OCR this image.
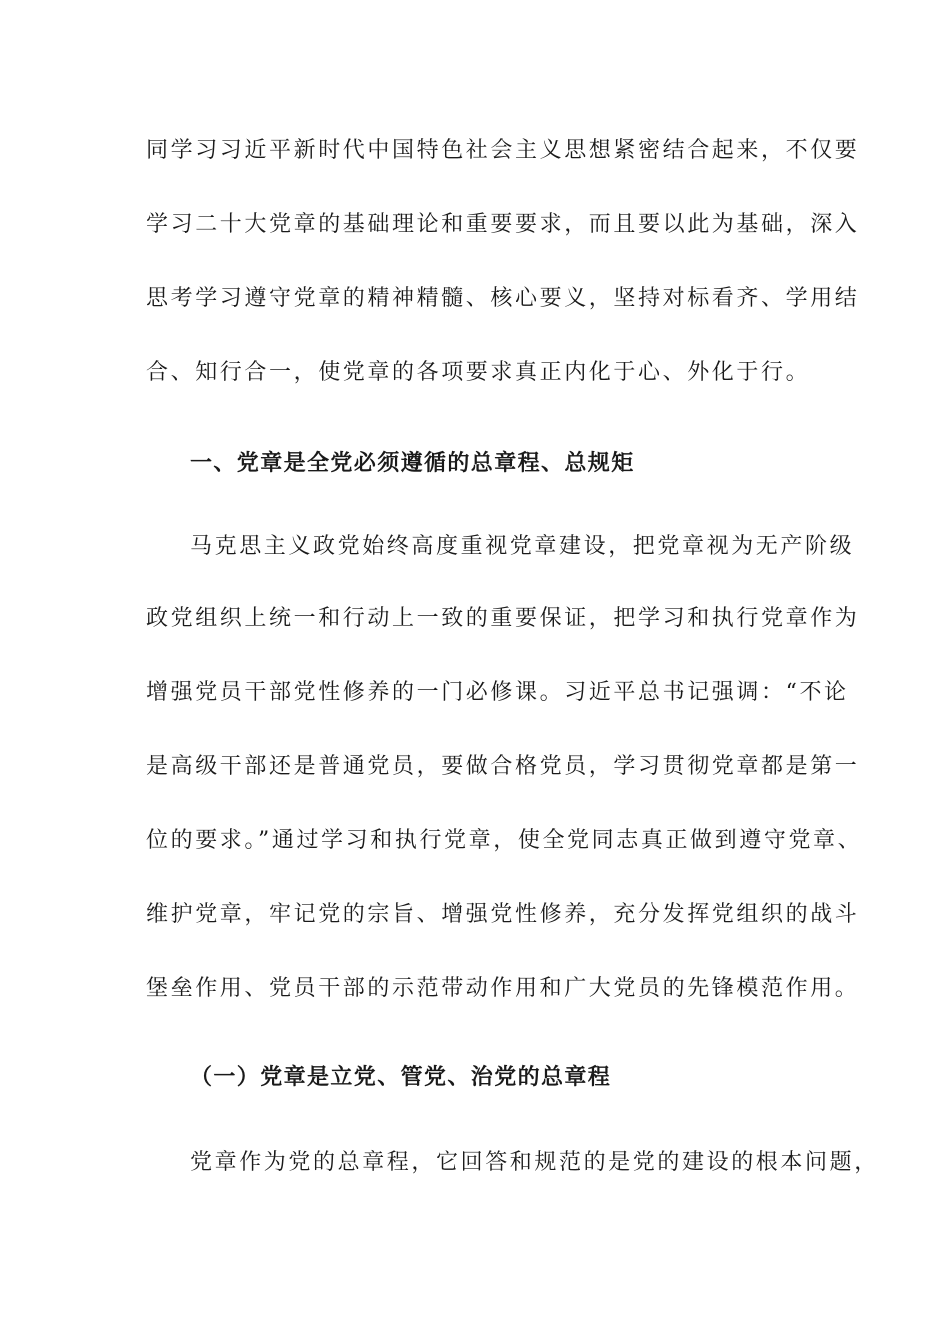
同学习习近平新时代中国特色社会主义思想紧密结合起来，不仅要
学习二十大党章的基础理论和重要要求，而且要以此为基础，深入
思考学习遵守党章的精神精髓、核心要义，坚持对标看齐、学用结
合、知行合一，使党章的各项要求真正内化于心、外化于行。
一、党章是全党必须遵循的总章程、总规矩
马克思主义政党始终高度重视党章建设，把党章视为无产阶级
政党组织上统一和行动上一致的重要保证，把学习和执行党章作为
增强党员干部党性修养的一门必修课。习近平总书记强调：“不论
是高级干部还是普通党员，要做合格党员，学习贯彻党章都是第一
位的要求。”通过学习和执行党章，使全党同志真正做到遵守党章、
维护党章，牢记党的宗旨、增强党性修养，充分发挥党组织的战斗
堡垒作用、党员干部的示范带动作用和广大党员的先锋模范作用。
（一）党章是立党、管党、治党的总章程
党章作为党的总章程，它回答和规范的是党的建设的根本问题，
